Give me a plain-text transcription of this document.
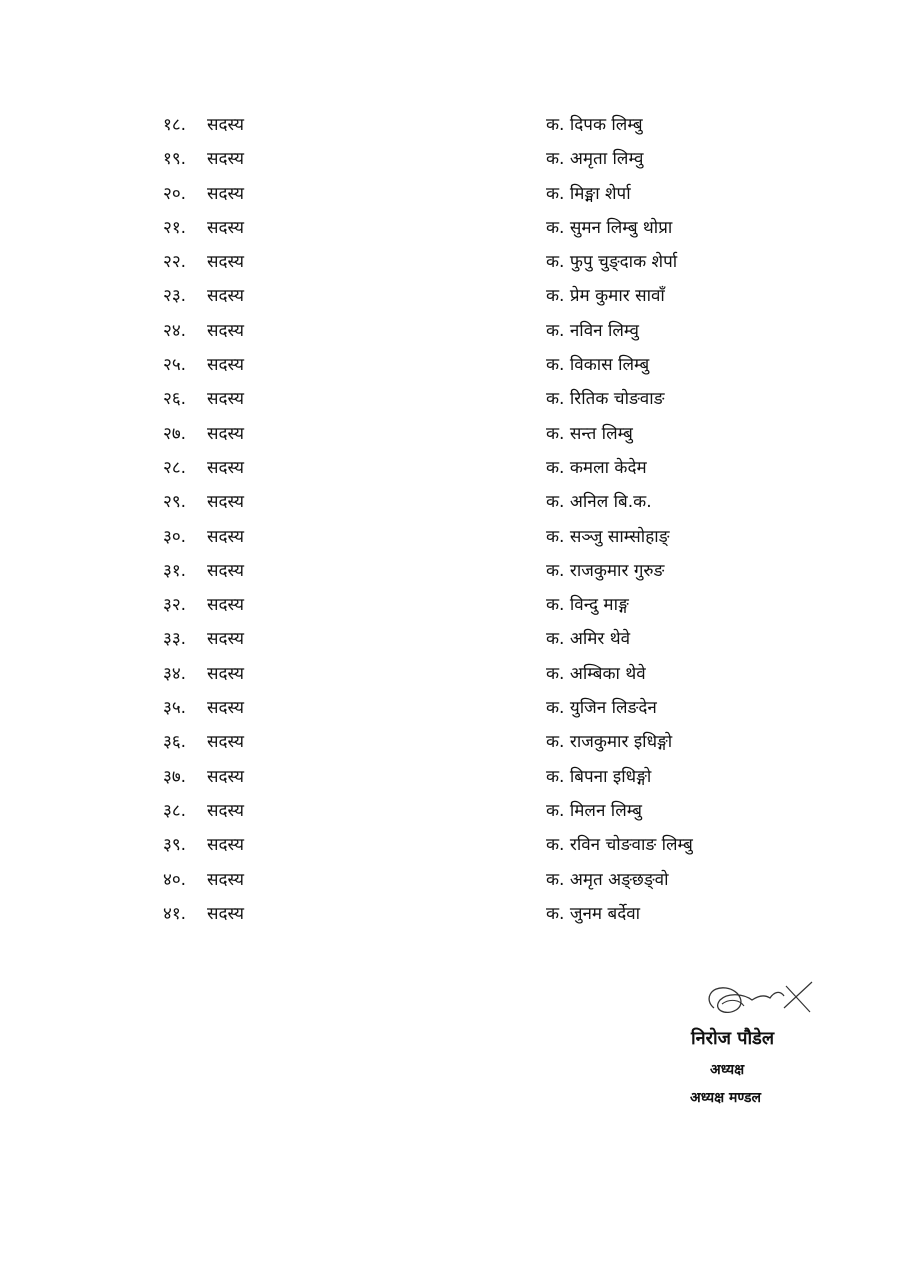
१८. सदस्य	क. दिपक लिम्बु
१९. सदस्य	क. अमृता लिम्वु
२०. सदस्य	क. मिङ्मा शेर्पा
२१. सदस्य	क. सुमन लिम्बु थोप्रा
२२. सदस्य	क. फुपु चुङ्दाक शेर्पा
२३. सदस्य	क. प्रेम कुमार सावाँ
२४. सदस्य	क. नविन लिम्वु
२५. सदस्य	क. विकास लिम्बु
२६. सदस्य	क. रितिक चोङवाङ
२७. सदस्य	क. सन्त लिम्बु
२८. सदस्य	क. कमला केदेम
२९. सदस्य	क. अनिल बि.क.
३०. सदस्य	क. सञ्जु साम्सोहाङ्
३१. सदस्य	क. राजकुमार गुरुङ
३२. सदस्य	क. विन्दु माङ्ग
३३. सदस्य	क. अमिर थेवे
३४. सदस्य	क. अम्बिका थेवे
३५. सदस्य	क. युजिन लिङदेन
३६. सदस्य	क. राजकुमार इधिङ्गो
३७. सदस्य	क. बिपना इधिङ्गो
३८. सदस्य	क. मिलन लिम्बु
३९. सदस्य	क. रविन चोङवाङ लिम्बु
४०. सदस्य	क. अमृत अङ्छङ्वो
४१. सदस्य	क. जुनम बर्देवा
निरोज पौडेल
अध्यक्ष
अध्यक्ष मण्डल
